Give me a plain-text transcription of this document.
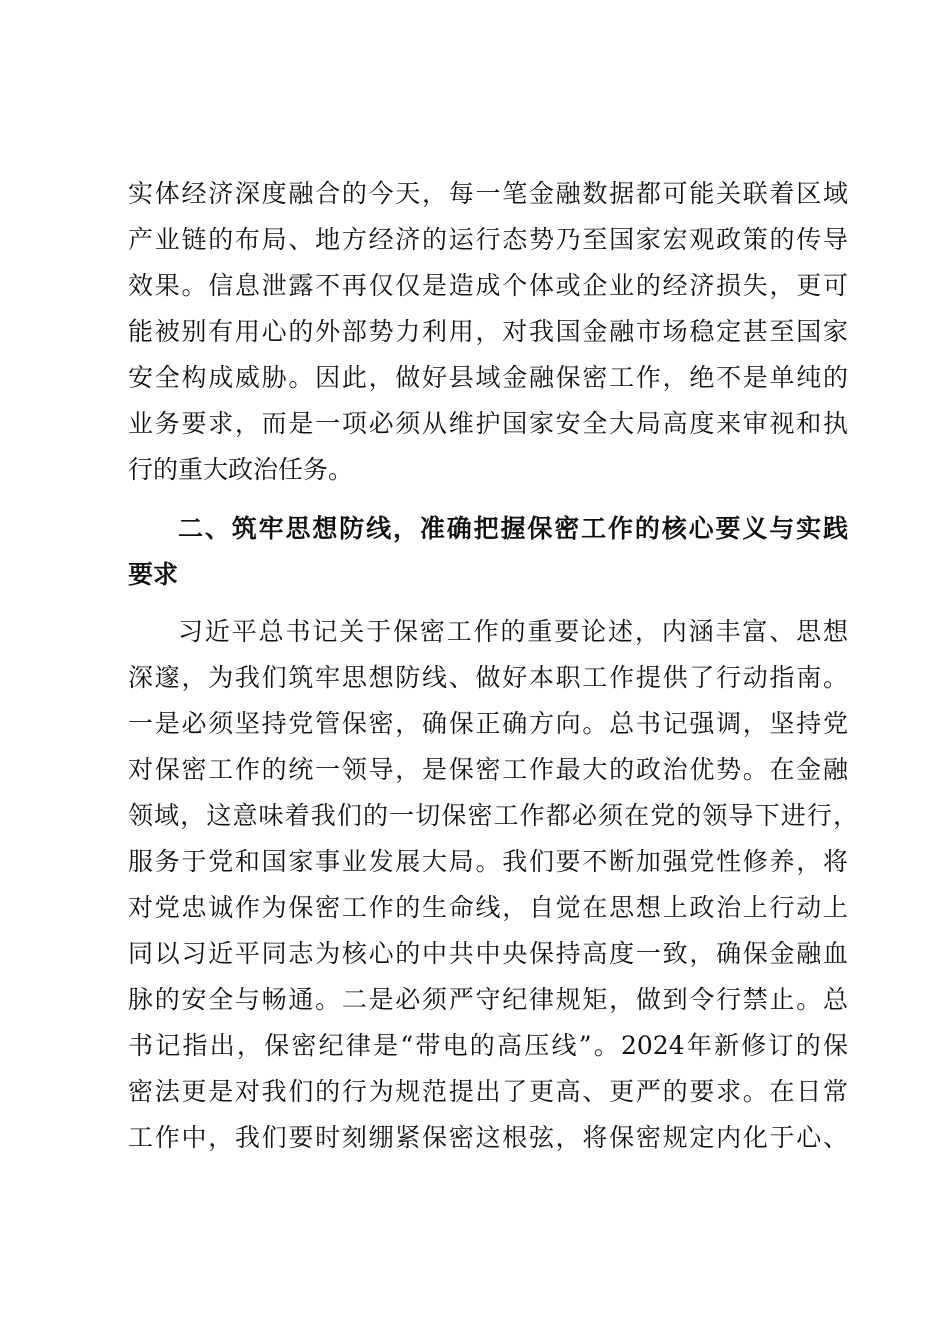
实体经济深度融合的今天，每一笔金融数据都可能关联着区域
产业链的布局、地方经济的运行态势乃至国家宏观政策的传导
效果。信息泄露不再仅仅是造成个体或企业的经济损失，更可
能被别有用心的外部势力利用，对我国金融市场稳定甚至国家
安全构成威胁。因此，做好县域金融保密工作，绝不是单纯的
业务要求，而是一项必须从维护国家安全大局高度来审视和执
行的重大政治任务。
二、筑牢思想防线，准确把握保密工作的核心要义与实践
要求
习近平总书记关于保密工作的重要论述，内涵丰富、思想
深邃，为我们筑牢思想防线、做好本职工作提供了行动指南。
一是必须坚持党管保密，确保正确方向。总书记强调，坚持党
对保密工作的统一领导，是保密工作最大的政治优势。在金融
领域，这意味着我们的一切保密工作都必须在党的领导下进行，
服务于党和国家事业发展大局。我们要不断加强党性修养，将
对党忠诚作为保密工作的生命线，自觉在思想上政治上行动上
同以习近平同志为核心的中共中央保持高度一致，确保金融血
脉的安全与畅通。二是必须严守纪律规矩，做到令行禁止。总
书记指出，保密纪律是“带电的高压线”。2024年新修订的保
密法更是对我们的行为规范提出了更高、更严的要求。在日常
工作中，我们要时刻绷紧保密这根弦，将保密规定内化于心、
